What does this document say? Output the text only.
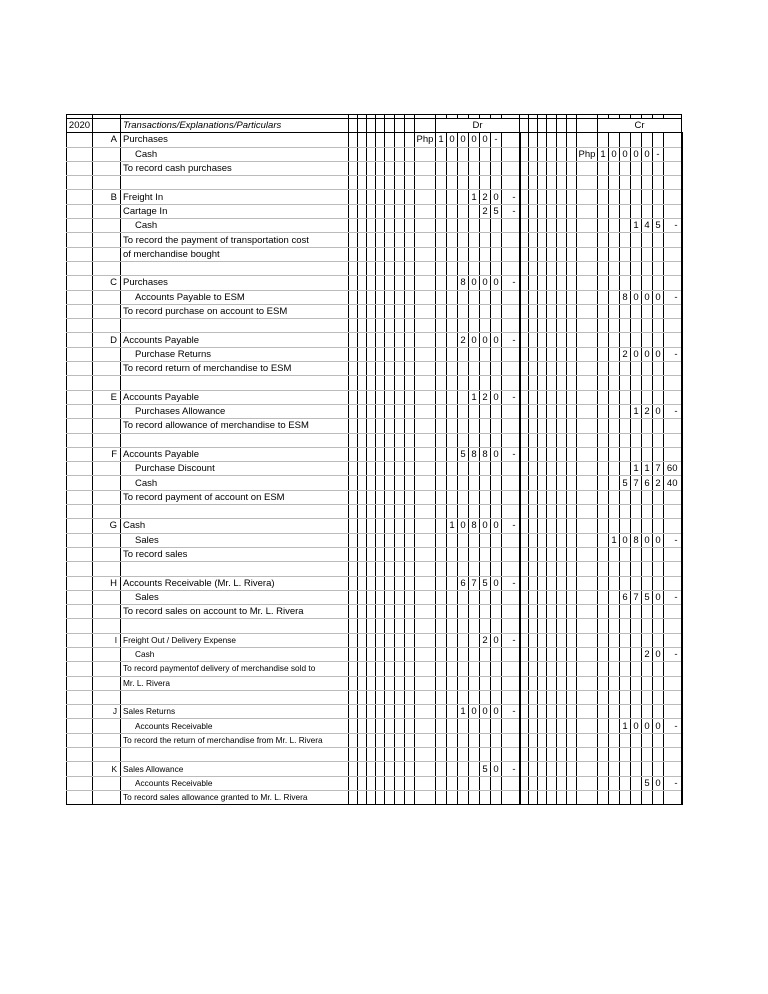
2020		Transactions/Explanations/Particulars									Dr														Cr						
	A	Purchases								Php	1	0	0	0	0	-															
		Cash																						Php	1	0	0	0	0	-	
		To record cash purchases																													

	B	Freight In												1	2	0	-														
		Cartage In													2	5	-														
		Cash																										1	4	5	-
		To record the payment of transportation cost																													
		of merchandise bought																													

	C	Purchases											8	0	0	0	-														
		Accounts Payable to ESM																									8	0	0	0	-
		To record purchase on account to ESM																													

	D	Accounts Payable											2	0	0	0	-														
		Purchase Returns																									2	0	0	0	-
		To record return of merchandise to ESM																													

	E	Accounts Payable												1	2	0	-														
		Purchases Allowance																										1	2	0	-
		To record allowance of merchandise to ESM																													

	F	Accounts Payable											5	8	8	0	-														
		Purchase Discount																										1	1	7	60
		Cash																									5	7	6	2	40
		To record payment of account on ESM																													

	G	Cash										1	0	8	0	0	-														
		Sales																								1	0	8	0	0	-
		To record sales																													

	H	Accounts Receivable (Mr. L. Rivera)											6	7	5	0	-														
		Sales																									6	7	5	0	-
		To record sales on account to Mr. L. Rivera																													

	I	Freight Out / Delivery Expense													2	0	-														
		Cash																											2	0	-
		To record paymentof delivery of merchandise sold to																													
		Mr. L. Rivera																													

	J	Sales Returns											1	0	0	0	-														
		Accounts Receivable																									1	0	0	0	-
		To record the return of merchandise from Mr. L. Rivera																													

	K	Sales Allowance													5	0	-														
		Accounts Receivable																											5	0	-
		To record sales allowance granted to Mr. L. Rivera																													
